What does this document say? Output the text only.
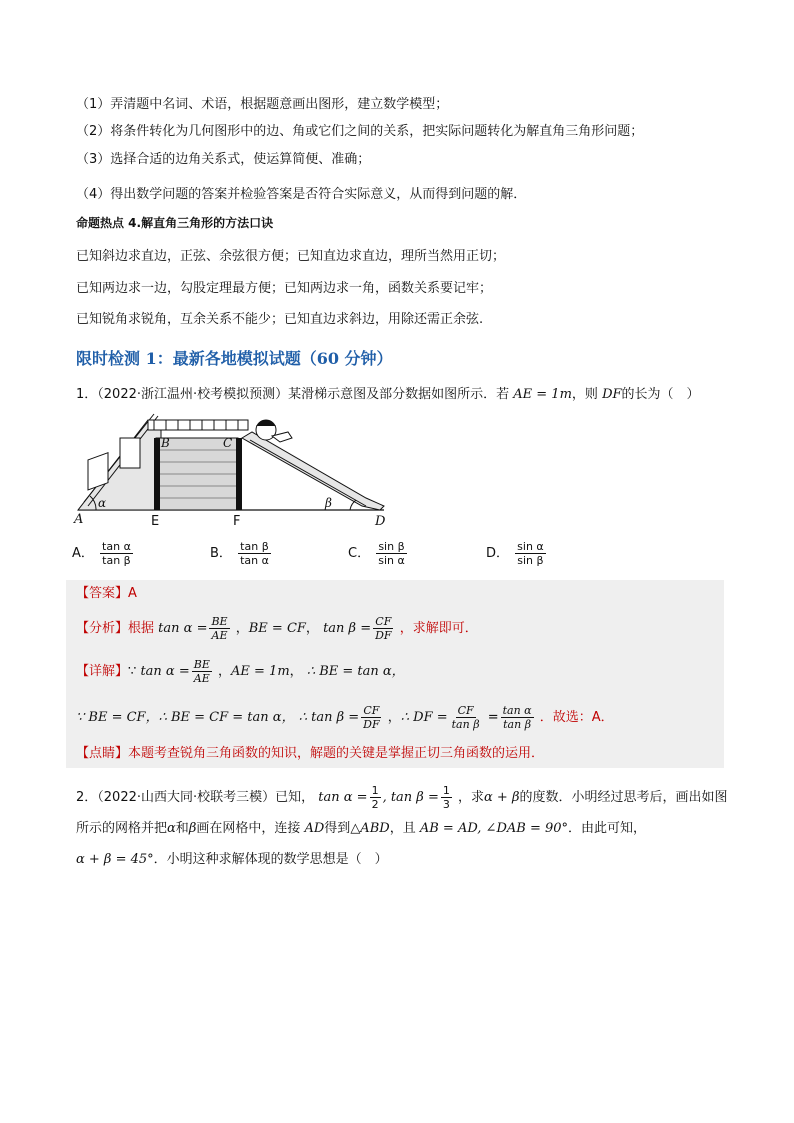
（1）弄清题中名词、术语，根据题意画出图形，建立数学模型；
（2）将条件转化为几何图形中的边、角或它们之间的关系，把实际问题转化为解直角三角形问题；
（3）选择合适的边角关系式，使运算简便、准确；
（4）得出数学问题的答案并检验答案是否符合实际意义，从而得到问题的解．
命题热点 4.解直角三角形的方法口诀
已知斜边求直边，正弦、余弦很方便；已知直边求直边，理所当然用正切；
已知两边求一边，勾股定理最方便；已知两边求一角，函数关系要记牢；
已知锐角求锐角，互余关系不能少；已知直边求斜边，用除还需正余弦.
限时检测 1：最新各地模拟试题（60 分钟）
1．（2022·浙江温州·校考模拟预测）某滑梯示意图及部分数据如图所示．若 AE = 1m，则 DF的长为（　）
A
B	C
D
E	F
α	β
A． $\frac{\text{tan α}}{\text{tan β}}$	B． $\frac{\text{tan β}}{\text{tan α}}$	C． $\frac{\text{sin β}}{\text{sin α}}$	D． $\frac{\text{sin α}}{\text{sin β}}$
【答案】A
【分析】根据 $\tan \alpha = \frac{BE}{AE}$ ，BE = CF， $\tan \beta = \frac{CF}{DF}$ ，求解即可．
【详解】∵ $\tan \alpha = \frac{BE}{AE}$ ，AE = 1m， ∴ BE = tan α，
∵ BE = CF，∴ BE = CF = tan α， ∴ $\tan \beta = \frac{CF}{DF}$ ，∴ DF = $\frac{CF}{\text{tan β}} = \frac{\text{tan α}}{\text{tan β}}$ ．故选：A．
【点睛】本题考查锐角三角函数的知识，解题的关键是掌握正切三角函数的运用．
2．（2022·山西大同·校联考三模）已知， $\tan \alpha = \frac{1}{2}$ , $\tan \beta = \frac{1}{3}$ ，求α + β的度数．小明经过思考后，画出如图
所示的网格并把α和β画在网格中，连接 AD得到△ABD，且 AB = AD, ∠DAB = 90°．由此可知，
α + β = 45°．小明这种求解体现的数学思想是（　）
